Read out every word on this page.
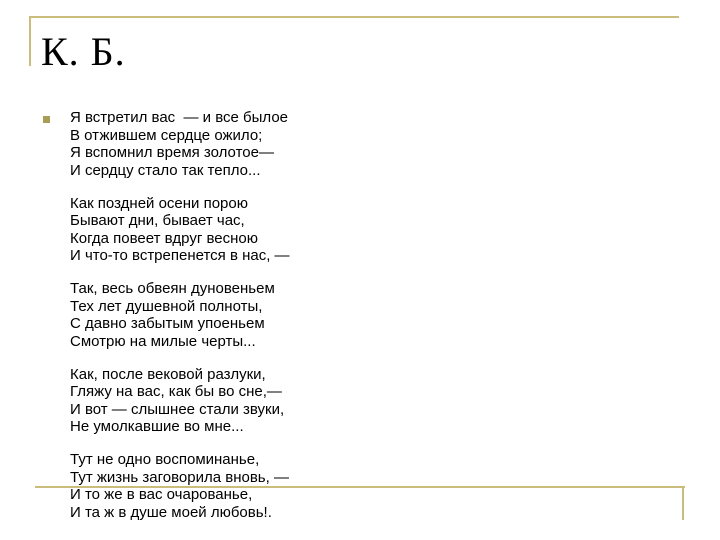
К. Б.
Я встретил вас  — и все былое
В отжившем сердце ожило;
Я вспомнил время золотое—
И сердцу стало так тепло...
Как поздней осени порою
Бывают дни, бывает час,
Когда повеет вдруг весною
И что-то встрепенется в нас, —
Так, весь обвеян дуновеньем
Тех лет душевной полноты,
С давно забытым упоеньем
Смотрю на милые черты...
Как, после вековой разлуки,
Гляжу на вас, как бы во сне,—
И вот — слышнее стали звуки,
Не умолкавшие во мне...
Тут не одно воспоминанье,
Тут жизнь заговорила вновь, —
И то же в вас очарованье,
И та ж в душе моей любовь!.
